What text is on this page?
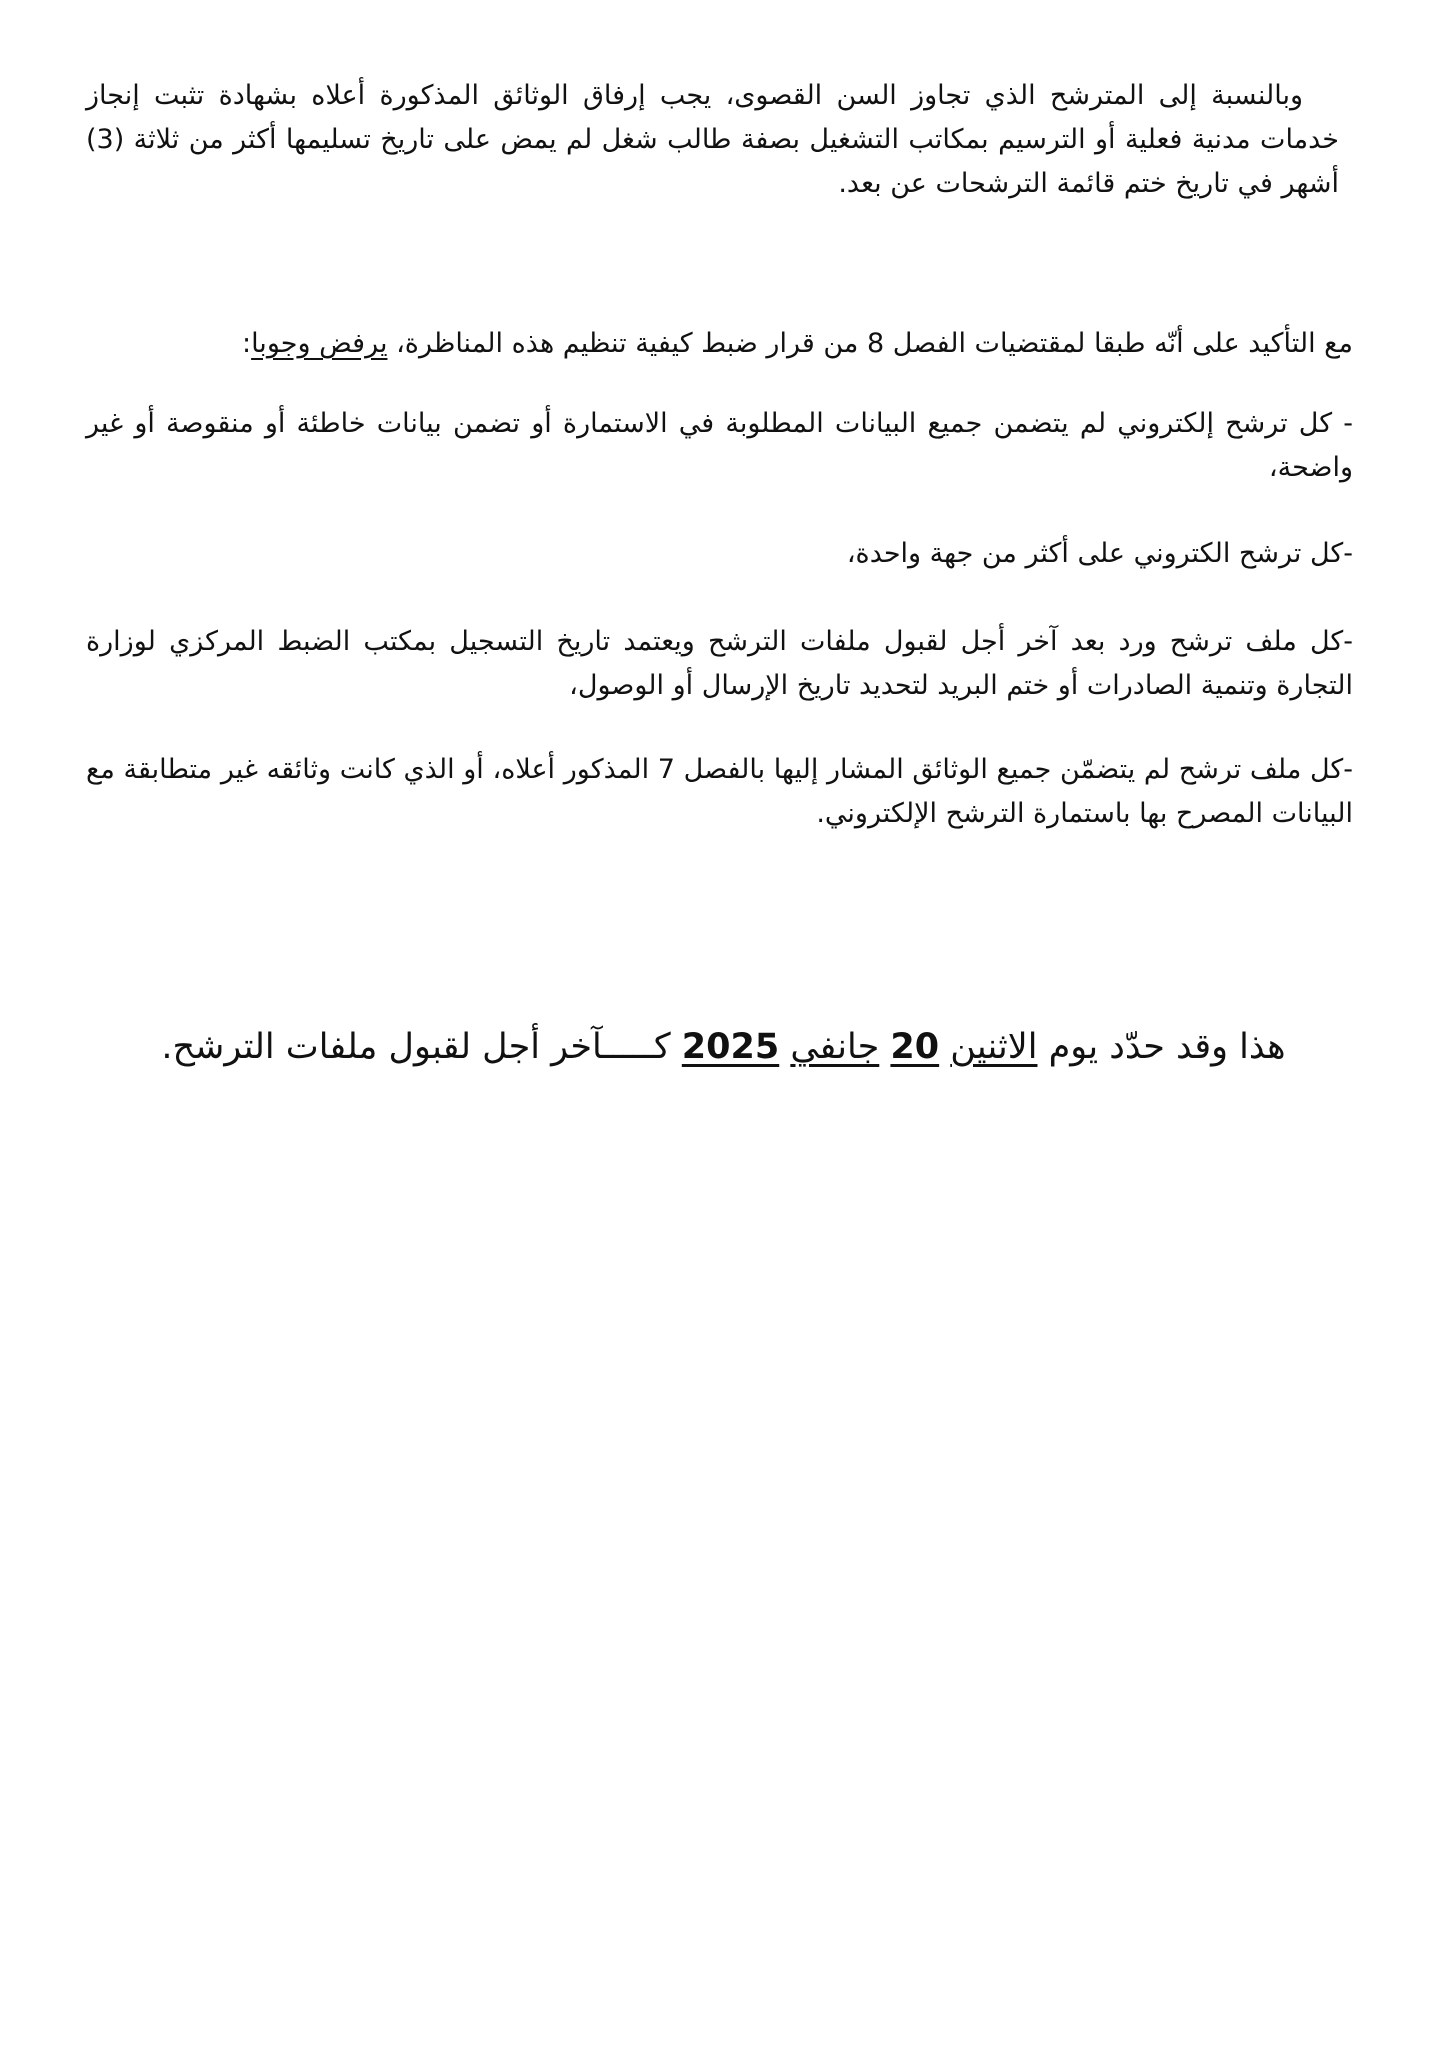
وبالنسبة إلى المترشح الذي تجاوز السن القصوى، يجب إرفاق الوثائق المذكورة أعلاه بشهادة تثبت إنجاز خدمات مدنية فعلية أو الترسيم بمكاتب التشغيل بصفة طالب شغل لم يمض على تاريخ تسليمها أكثر من ثلاثة (3) أشهر في تاريخ ختم قائمة الترشحات عن بعد.

مع التأكيد على أنّه طبقا لمقتضيات الفصل 8 من قرار ضبط كيفية تنظيم هذه المناظرة، يرفض وجوبا:

- كل ترشح إلكتروني لم يتضمن جميع البيانات المطلوبة في الاستمارة أو تضمن بيانات خاطئة أو منقوصة أو غير واضحة،

-كل ترشح الكتروني على أكثر من جهة واحدة،

-كل ملف ترشح ورد بعد آخر أجل لقبول ملفات الترشح ويعتمد تاريخ التسجيل بمكتب الضبط المركزي لوزارة التجارة وتنمية الصادرات أو ختم البريد لتحديد تاريخ الإرسال أو الوصول،

-كل ملف ترشح لم يتضمّن جميع الوثائق المشار إليها بالفصل 7 المذكور أعلاه، أو الذي كانت وثائقه غير متطابقة مع البيانات المصرح بها باستمارة الترشح الإلكتروني.

هذا وقد حدّد يوم الاثنين 20 جانفي 2025 كـــــآخر أجل لقبول ملفات الترشح.
